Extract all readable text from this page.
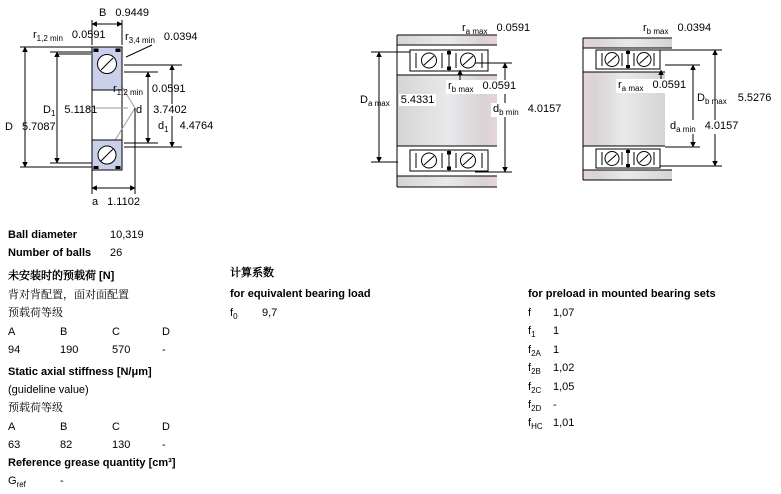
B 0.9449
$r_{1,2 min}$ 0.0591 $r_{3,4 min}$ 0.0394
$r_{1,2 min}$ 0.0591
$D_1$ 5.1181
D 5.7087
d 3.7402
$d_1$ 4.4764
a 1.1102
$r_{a max}$ 0.0591
$D_{a max}$ 5.4331
$r_{b max}$ 0.0591
$d_{b min}$ 4.0157
$r_{b max}$ 0.0394
$r_{a max}$ 0.0591
$D_{b max}$ 5.5276
$d_{a min}$ 4.0157
Ball diameter	10,319
Number of balls 26
未安装时的预载荷 [N]
背对背配置，面对面配置
预载荷等级
A	B	C	D
94	190	570	-
Static axial stiffness [N/μm]
(guideline value)
预载荷等级
A	B	C	D
63	82	130	-
Reference grease quantity [cm³]
$G_{ref}$	-
计算系数
for equivalent bearing load
$f_0$ 9,7
for preload in mounted bearing sets
f 1,07
$f_1$ 1
$f_{2A}$ 1
$f_{2B}$ 1,02
$f_{2C}$ 1,05
$f_{2D}$ -
$f_{HC}$ 1,01
